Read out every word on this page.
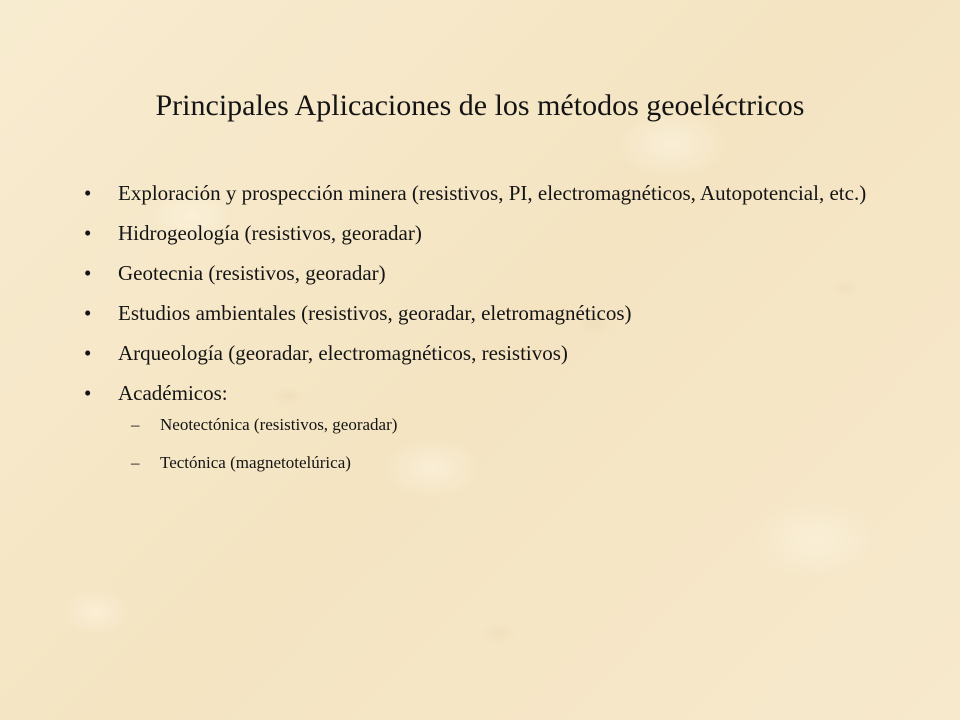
Principales Aplicaciones de los métodos geoeléctricos
•	Exploración y prospección minera (resistivos, PI, electromagnéticos, Autopotencial, etc.)
•	Hidrogeología (resistivos, georadar)
•	Geotecnia (resistivos, georadar)
•	Estudios ambientales (resistivos, georadar, eletromagnéticos)
•	Arqueología (georadar, electromagnéticos, resistivos)
•	Académicos:
– Neotectónica (resistivos, georadar)
– Tectónica (magnetotelúrica)
